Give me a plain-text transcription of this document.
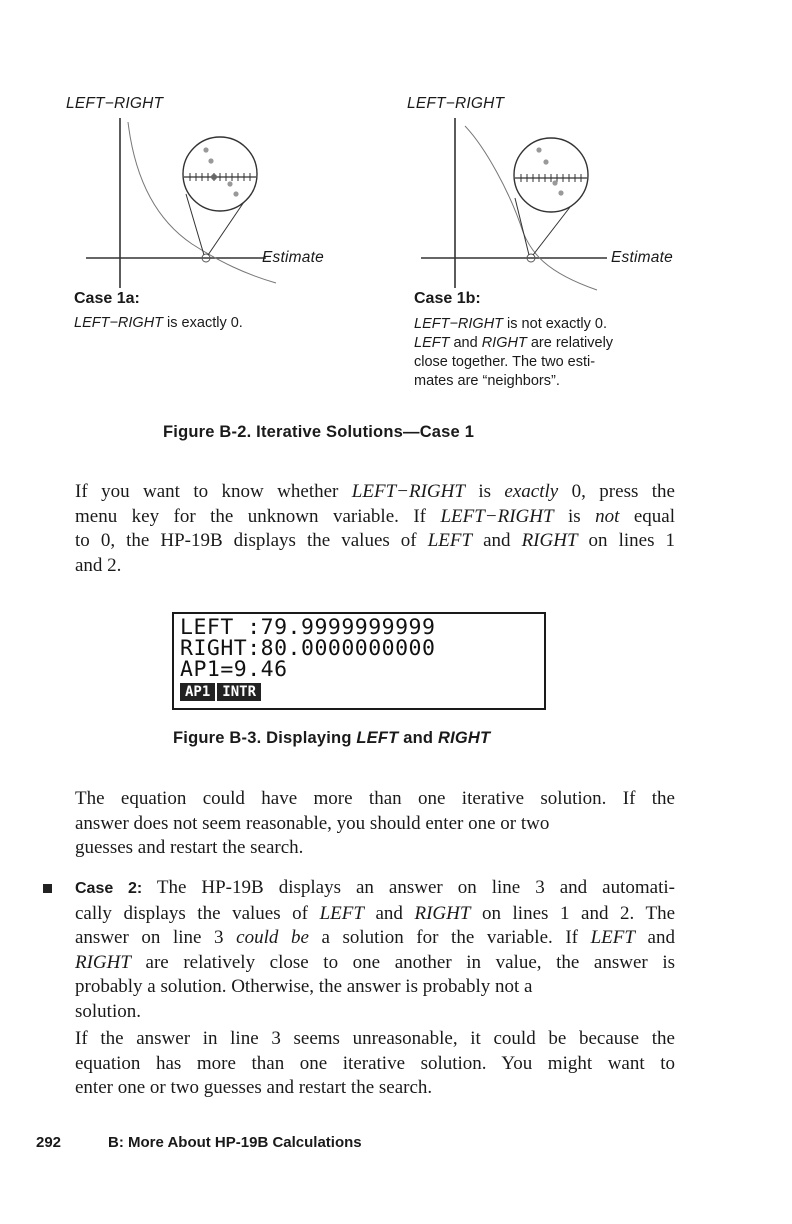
LEFT−RIGHT
Estimate
Case 1a:
LEFT−RIGHT is exactly 0.
LEFT−RIGHT
Estimate
Case 1b:
LEFT−RIGHT is not exactly 0.
LEFT and RIGHT are relatively
close together. The two esti-
mates are “neighbors”.
Figure B-2. Iterative Solutions—Case 1
If you want to know whether LEFT−RIGHT is exactly 0, press the
menu key for the unknown variable. If LEFT−RIGHT is not equal
to 0, the HP-19B displays the values of LEFT and RIGHT on lines 1
and 2.
LEFT :79.9999999999
RIGHT:80.0000000000
AP1=9.46
AP1 INTR
Figure B-3. Displaying LEFT and RIGHT
The equation could have more than one iterative solution. If the
answer does not seem reasonable, you should enter one or two
guesses and restart the search.
Case 2: The HP-19B displays an answer on line 3 and automati-
cally displays the values of LEFT and RIGHT on lines 1 and 2. The
answer on line 3 could be a solution for the variable. If LEFT and
RIGHT are relatively close to one another in value, the answer is
probably a solution. Otherwise, the answer is probably not a
solution.
If the answer in line 3 seems unreasonable, it could be because the
equation has more than one iterative solution. You might want to
enter one or two guesses and restart the search.
292	B: More About HP-19B Calculations
